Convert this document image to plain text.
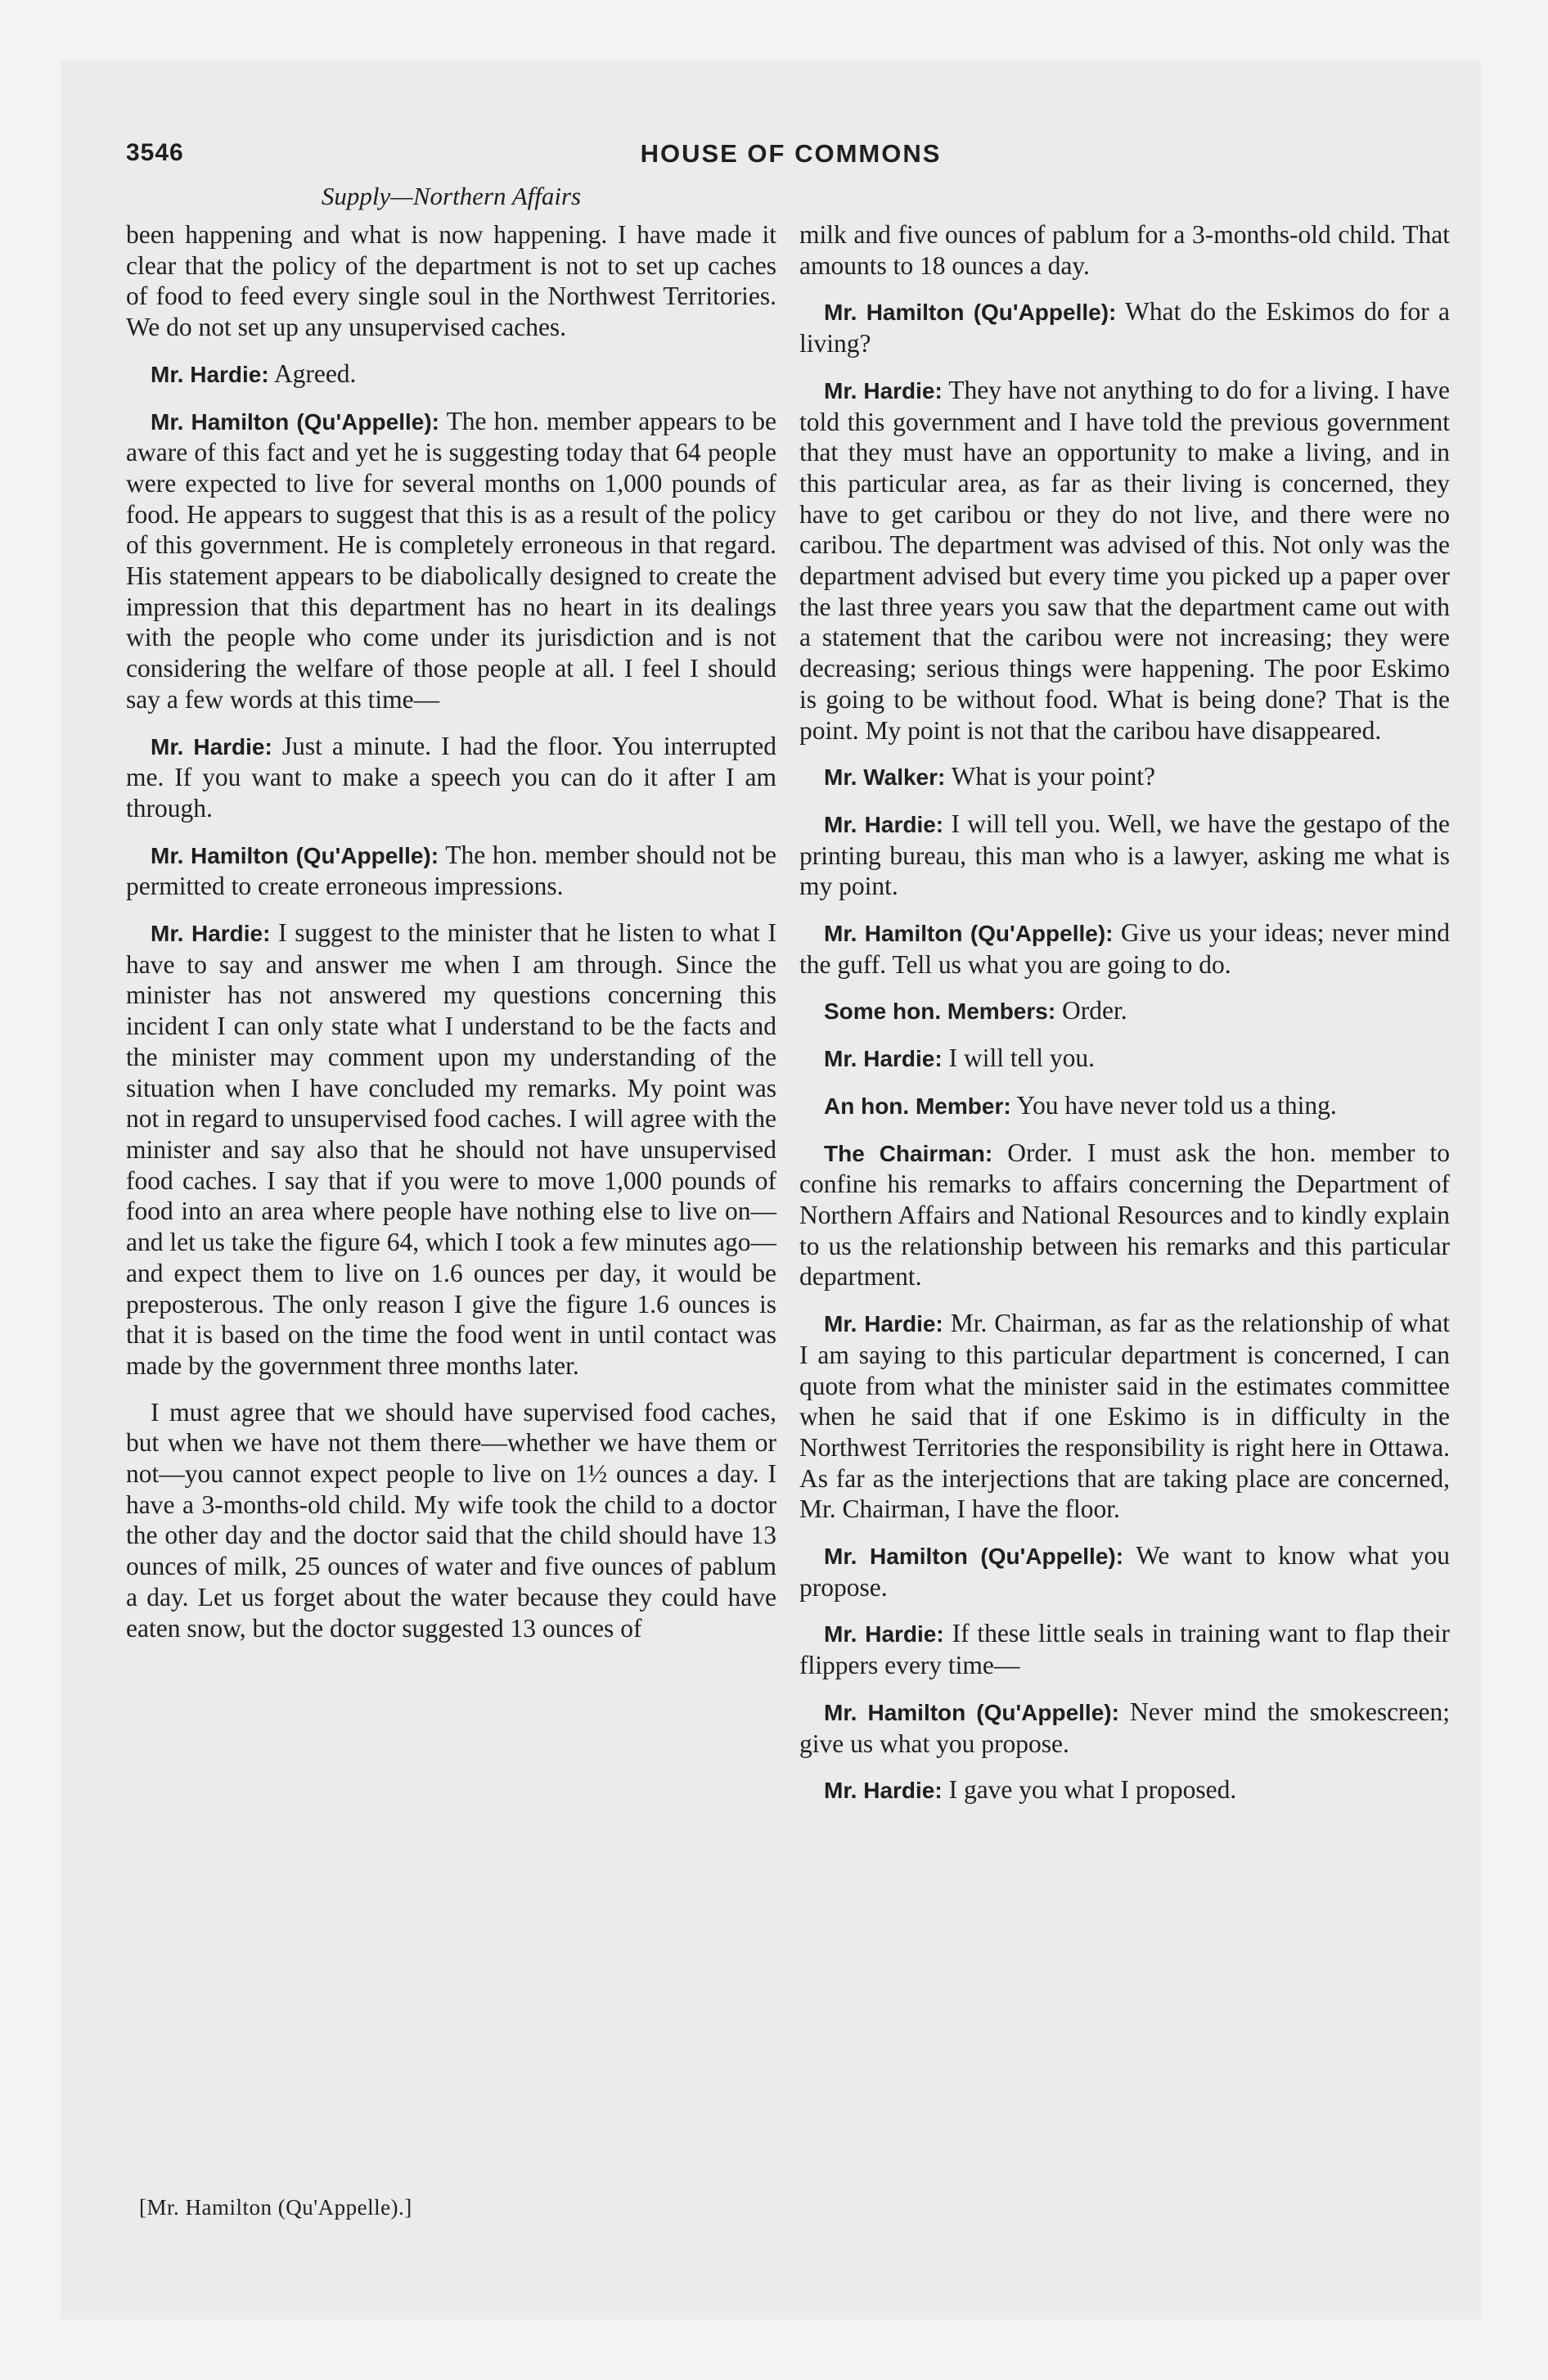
3546	HOUSE OF COMMONS
Supply—Northern Affairs

been happening and what is now happening. I have made it clear that the policy of the department is not to set up caches of food to feed every single soul in the Northwest Territories. We do not set up any unsupervised caches.

Mr. Hardie: Agreed.

Mr. Hamilton (Qu'Appelle): The hon. member appears to be aware of this fact and yet he is suggesting today that 64 people were expected to live for several months on 1,000 pounds of food. He appears to suggest that this is as a result of the policy of this government. He is completely erroneous in that regard. His statement appears to be diabolically designed to create the impression that this department has no heart in its dealings with the people who come under its jurisdiction and is not considering the welfare of those people at all. I feel I should say a few words at this time—

Mr. Hardie: Just a minute. I had the floor. You interrupted me. If you want to make a speech you can do it after I am through.

Mr. Hamilton (Qu'Appelle): The hon. member should not be permitted to create erroneous impressions.

Mr. Hardie: I suggest to the minister that he listen to what I have to say and answer me when I am through. Since the minister has not answered my questions concerning this incident I can only state what I understand to be the facts and the minister may comment upon my understanding of the situation when I have concluded my remarks. My point was not in regard to unsupervised food caches. I will agree with the minister and say also that he should not have unsupervised food caches. I say that if you were to move 1,000 pounds of food into an area where people have nothing else to live on—and let us take the figure 64, which I took a few minutes ago—and expect them to live on 1.6 ounces per day, it would be preposterous. The only reason I give the figure 1.6 ounces is that it is based on the time the food went in until contact was made by the government three months later.

I must agree that we should have supervised food caches, but when we have not them there—whether we have them or not—you cannot expect people to live on 1½ ounces a day. I have a 3-months-old child. My wife took the child to a doctor the other day and the doctor said that the child should have 13 ounces of milk, 25 ounces of water and five ounces of pablum a day. Let us forget about the water because they could have eaten snow, but the doctor suggested 13 ounces of

milk and five ounces of pablum for a 3-months-old child. That amounts to 18 ounces a day.

Mr. Hamilton (Qu'Appelle): What do the Eskimos do for a living?

Mr. Hardie: They have not anything to do for a living. I have told this government and I have told the previous government that they must have an opportunity to make a living, and in this particular area, as far as their living is concerned, they have to get caribou or they do not live, and there were no caribou. The department was advised of this. Not only was the department advised but every time you picked up a paper over the last three years you saw that the department came out with a statement that the caribou were not increasing; they were decreasing; serious things were happening. The poor Eskimo is going to be without food. What is being done? That is the point. My point is not that the caribou have disappeared.

Mr. Walker: What is your point?

Mr. Hardie: I will tell you. Well, we have the gestapo of the printing bureau, this man who is a lawyer, asking me what is my point.

Mr. Hamilton (Qu'Appelle): Give us your ideas; never mind the guff. Tell us what you are going to do.

Some hon. Members: Order.

Mr. Hardie: I will tell you.

An hon. Member: You have never told us a thing.

The Chairman: Order. I must ask the hon. member to confine his remarks to affairs concerning the Department of Northern Affairs and National Resources and to kindly explain to us the relationship between his remarks and this particular department.

Mr. Hardie: Mr. Chairman, as far as the relationship of what I am saying to this particular department is concerned, I can quote from what the minister said in the estimates committee when he said that if one Eskimo is in difficulty in the Northwest Territories the responsibility is right here in Ottawa. As far as the interjections that are taking place are concerned, Mr. Chairman, I have the floor.

Mr. Hamilton (Qu'Appelle): We want to know what you propose.

Mr. Hardie: If these little seals in training want to flap their flippers every time—

Mr. Hamilton (Qu'Appelle): Never mind the smokescreen; give us what you propose.

Mr. Hardie: I gave you what I proposed.

[Mr. Hamilton (Qu'Appelle).]
